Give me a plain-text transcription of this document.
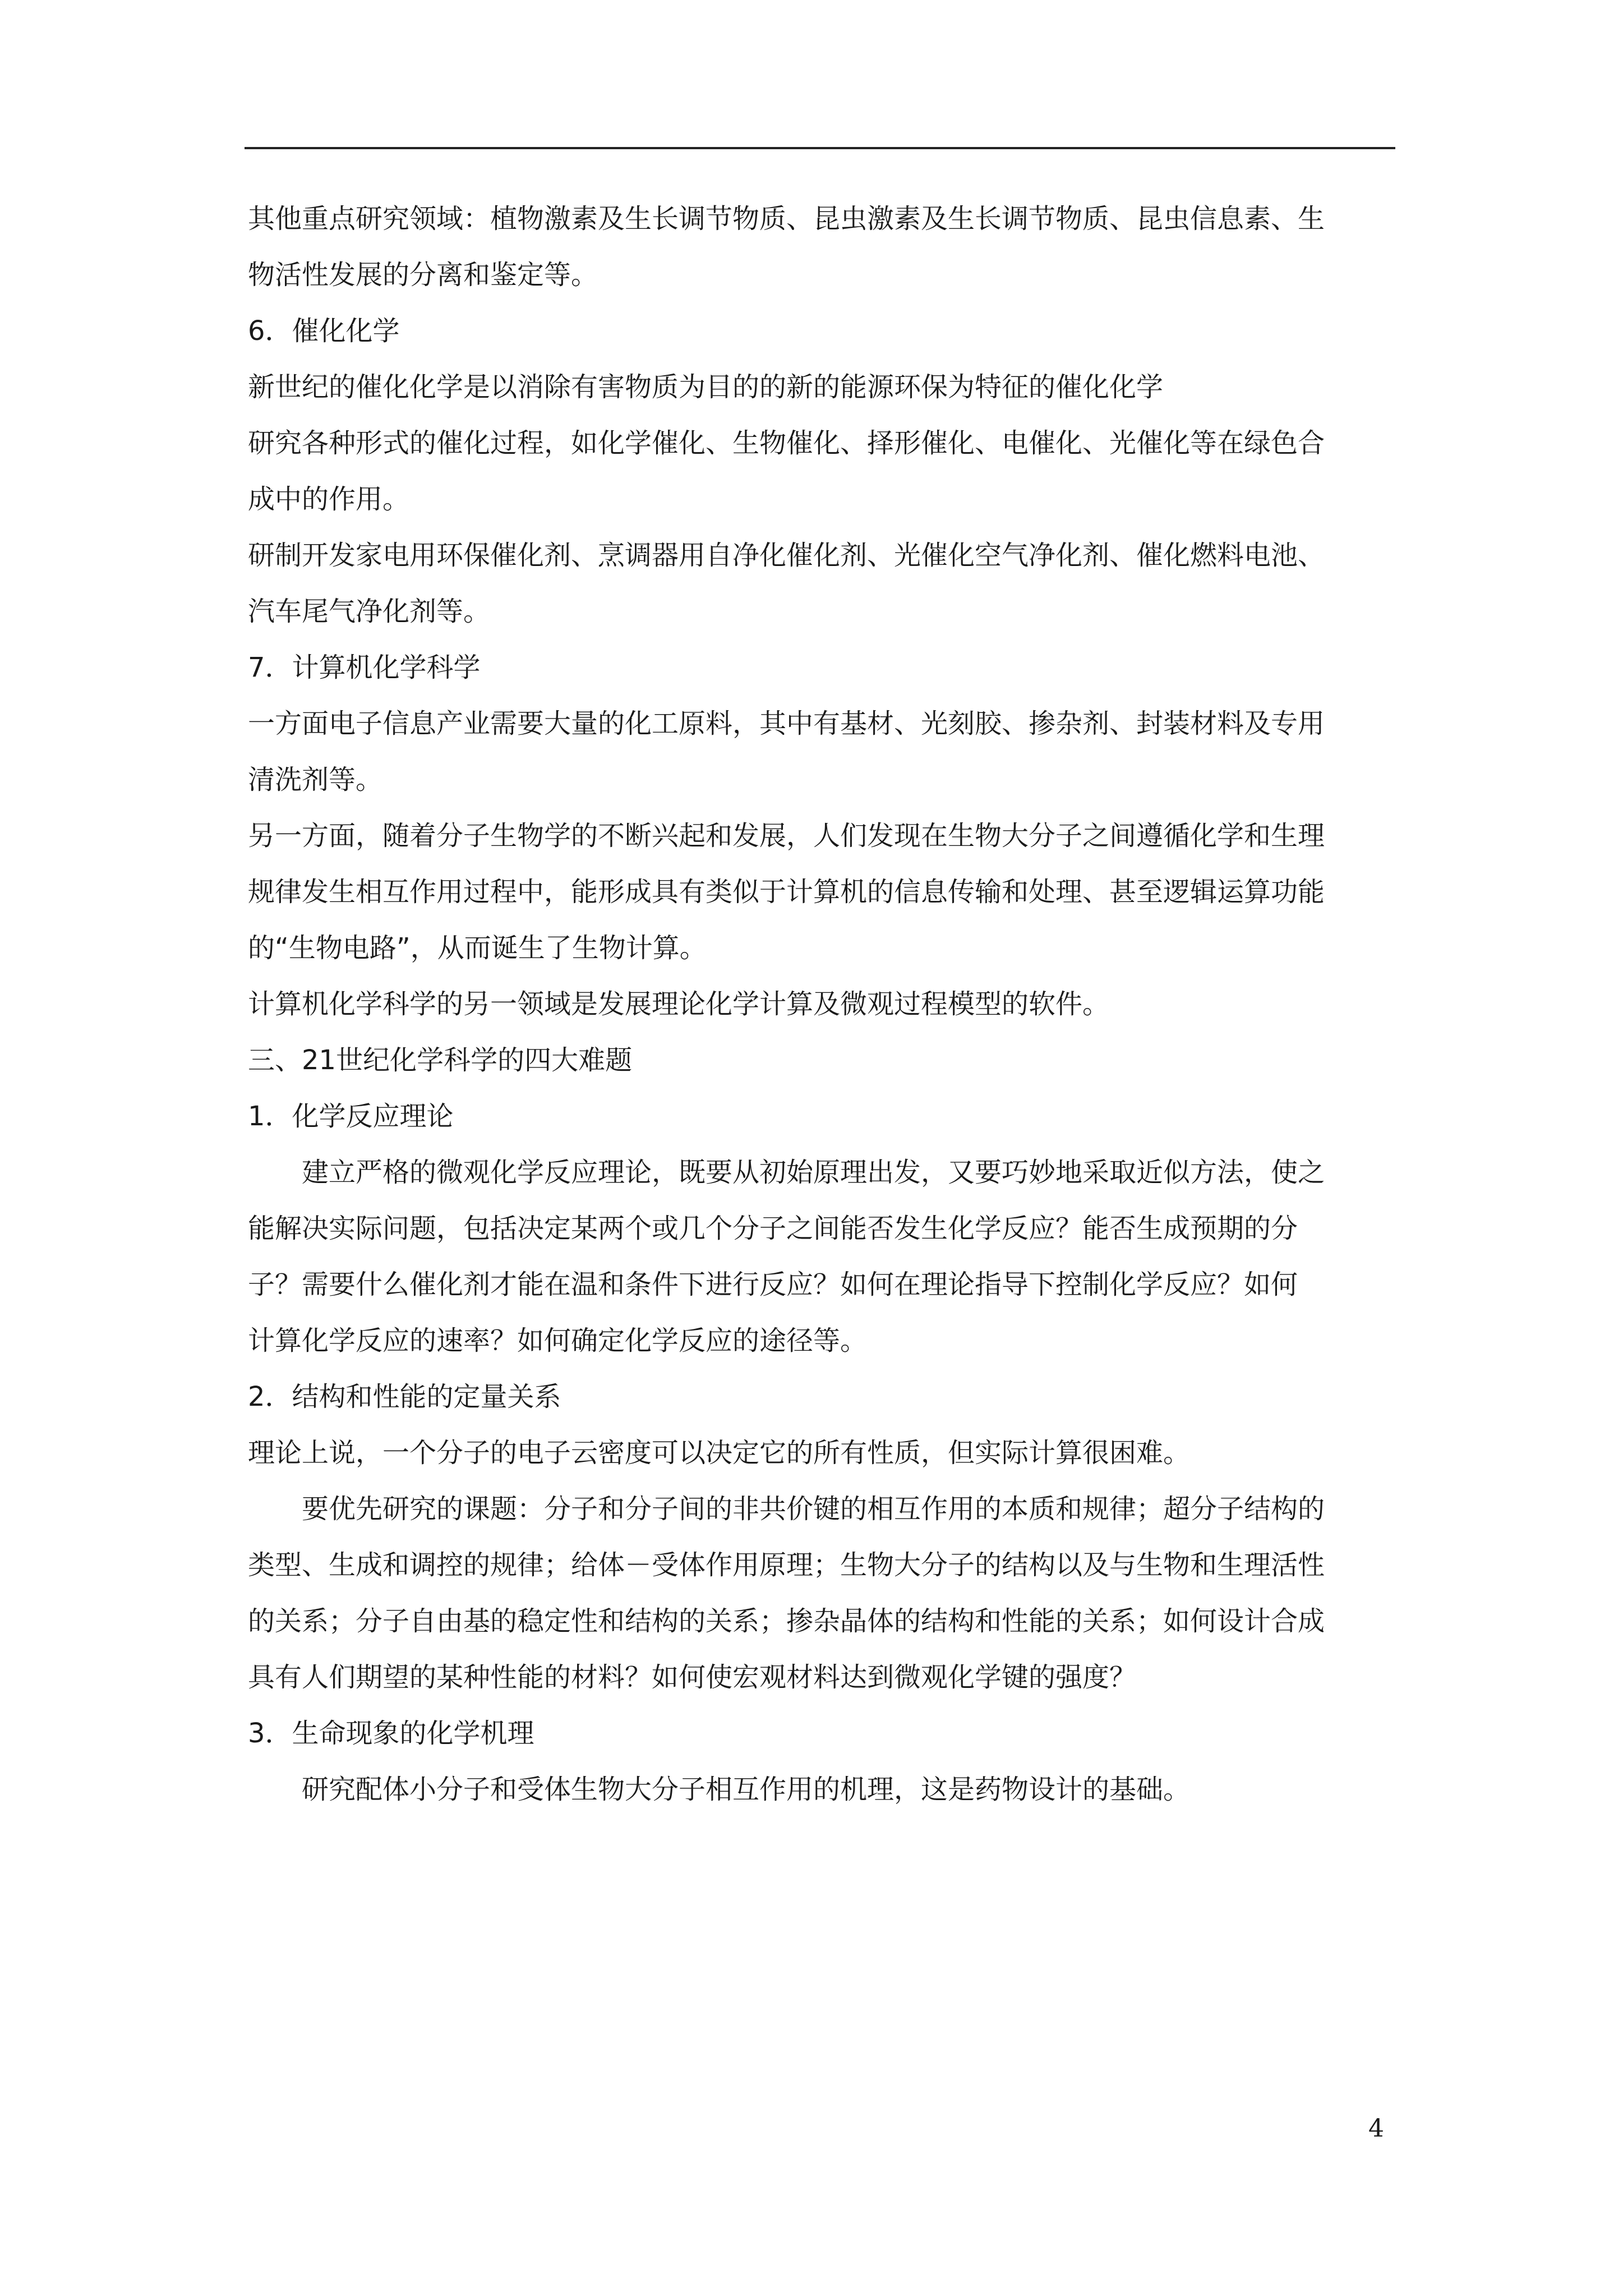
其他重点研究领域：植物激素及生长调节物质、昆虫激素及生长调节物质、昆虫信息素、生

物活性发展的分离和鉴定等。

6．催化化学

新世纪的催化化学是以消除有害物质为目的的新的能源环保为特征的催化化学

研究各种形式的催化过程，如化学催化、生物催化、择形催化、电催化、光催化等在绿色合

成中的作用。

研制开发家电用环保催化剂、烹调器用自净化催化剂、光催化空气净化剂、催化燃料电池、

汽车尾气净化剂等。

7．计算机化学科学

一方面电子信息产业需要大量的化工原料，其中有基材、光刻胶、掺杂剂、封装材料及专用

清洗剂等。

另一方面，随着分子生物学的不断兴起和发展，人们发现在生物大分子之间遵循化学和生理

规律发生相互作用过程中，能形成具有类似于计算机的信息传输和处理、甚至逻辑运算功能

的“生物电路”，从而诞生了生物计算。

计算机化学科学的另一领域是发展理论化学计算及微观过程模型的软件。

三、21世纪化学科学的四大难题

1．化学反应理论

建立严格的微观化学反应理论，既要从初始原理出发，又要巧妙地采取近似方法，使之

能解决实际问题，包括决定某两个或几个分子之间能否发生化学反应？能否生成预期的分

子？需要什么催化剂才能在温和条件下进行反应？如何在理论指导下控制化学反应？如何

计算化学反应的速率？如何确定化学反应的途径等。

2．结构和性能的定量关系

理论上说，一个分子的电子云密度可以决定它的所有性质，但实际计算很困难。

要优先研究的课题：分子和分子间的非共价键的相互作用的本质和规律；超分子结构的

类型、生成和调控的规律；给体－受体作用原理；生物大分子的结构以及与生物和生理活性

的关系；分子自由基的稳定性和结构的关系；掺杂晶体的结构和性能的关系；如何设计合成

具有人们期望的某种性能的材料？如何使宏观材料达到微观化学键的强度？

3．生命现象的化学机理

研究配体小分子和受体生物大分子相互作用的机理，这是药物设计的基础。

4
